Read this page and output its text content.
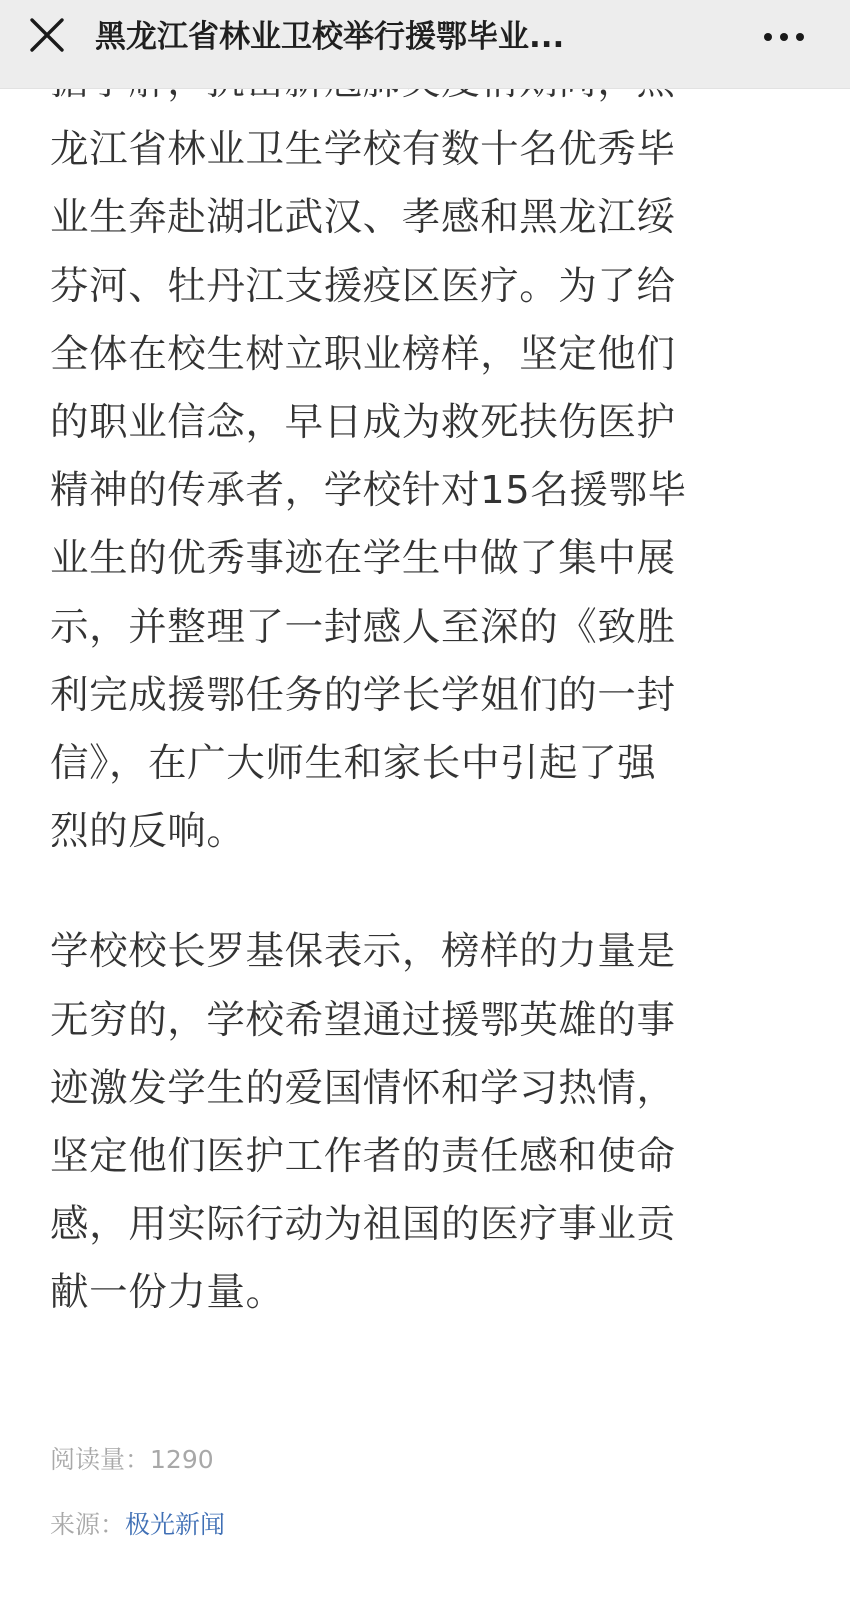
龙江省林业卫生学校有数十名优秀毕
业生奔赴湖北武汉、孝感和黑龙江绥
芬河、牡丹江支援疫区医疗。为了给
全体在校生树立职业榜样，坚定他们
的职业信念，早日成为救死扶伤医护
精神的传承者，学校针对15名援鄂毕
业生的优秀事迹在学生中做了集中展
示，并整理了一封感人至深的《致胜
利完成援鄂任务的学长学姐们的一封
信》，在广大师生和家长中引起了强
烈的反响。
学校校长罗基保表示，榜样的力量是
无穷的，学校希望通过援鄂英雄的事
迹激发学生的爱国情怀和学习热情，
坚定他们医护工作者的责任感和使命
感，用实际行动为祖国的医疗事业贡
献一份力量。
阅读量：1290
来源：极光新闻
黑龙江省林业卫校举行援鄂毕业...
